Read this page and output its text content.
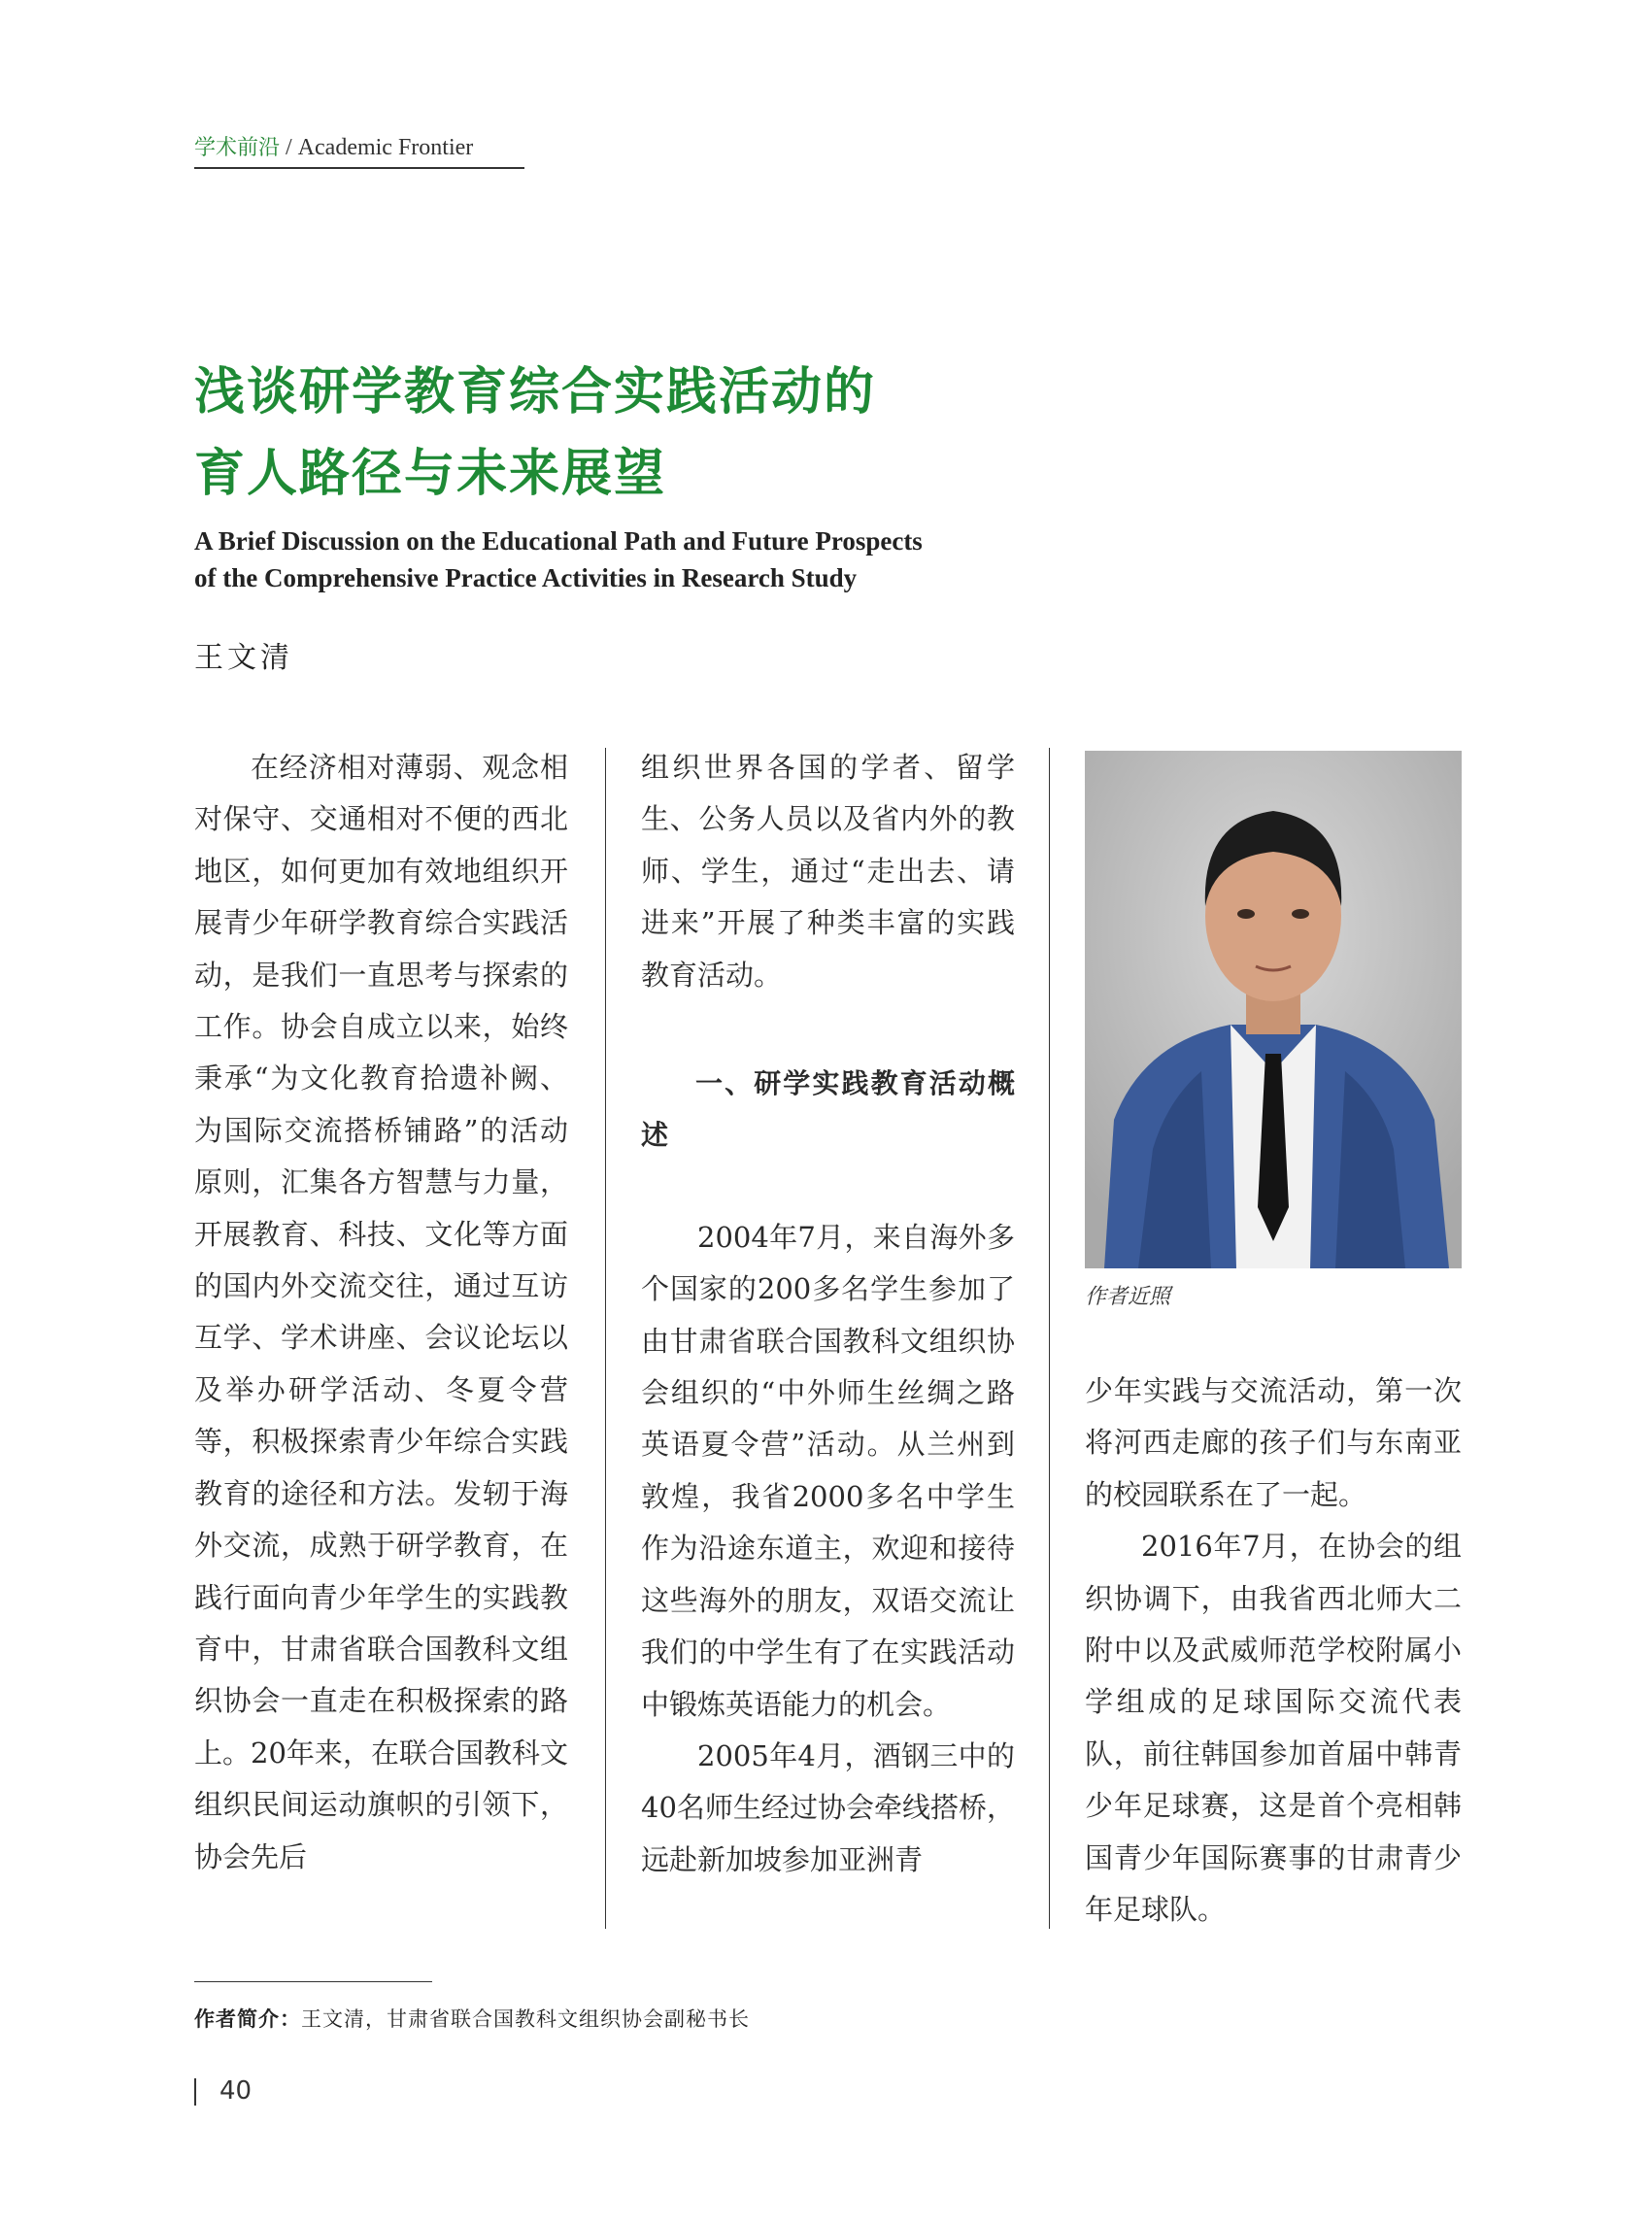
学术前沿 / Academic Frontier
浅谈研学教育综合实践活动的
育人路径与未来展望
A Brief Discussion on the Educational Path and Future Prospects
of the Comprehensive Practice Activities in Research Study
王文清

在经济相对薄弱、观念相对保守、交通相对不便的西北地区，如何更加有效地组织开展青少年研学教育综合实践活动，是我们一直思考与探索的工作。协会自成立以来，始终秉承“为文化教育拾遗补阙、为国际交流搭桥铺路”的活动原则，汇集各方智慧与力量，开展教育、科技、文化等方面的国内外交流交往，通过互访互学、学术讲座、会议论坛以及举办研学活动、冬夏令营等，积极探索青少年综合实践教育的途径和方法。发轫于海外交流，成熟于研学教育，在践行面向青少年学生的实践教育中，甘肃省联合国教科文组织协会一直走在积极探索的路上。20年来，在联合国教科文组织民间运动旗帜的引领下，协会先后

组织世界各国的学者、留学生、公务人员以及省内外的教师、学生，通过“走出去、请进来”开展了种类丰富的实践教育活动。

一、研学实践教育活动概述

2004年7月，来自海外多个国家的200多名学生参加了由甘肃省联合国教科文组织协会组织的“中外师生丝绸之路英语夏令营”活动。从兰州到敦煌，我省2000多名中学生作为沿途东道主，欢迎和接待这些海外的朋友，双语交流让我们的中学生有了在实践活动中锻炼英语能力的机会。

2005年4月，酒钢三中的40名师生经过协会牵线搭桥，远赴新加坡参加亚洲青

作者近照

少年实践与交流活动，第一次将河西走廊的孩子们与东南亚的校园联系在了一起。

2016年7月，在协会的组织协调下，由我省西北师大二附中以及武威师范学校附属小学组成的足球国际交流代表队，前往韩国参加首届中韩青少年足球赛，这是首个亮相韩国青少年国际赛事的甘肃青少年足球队。

作者简介：王文清，甘肃省联合国教科文组织协会副秘书长
40
